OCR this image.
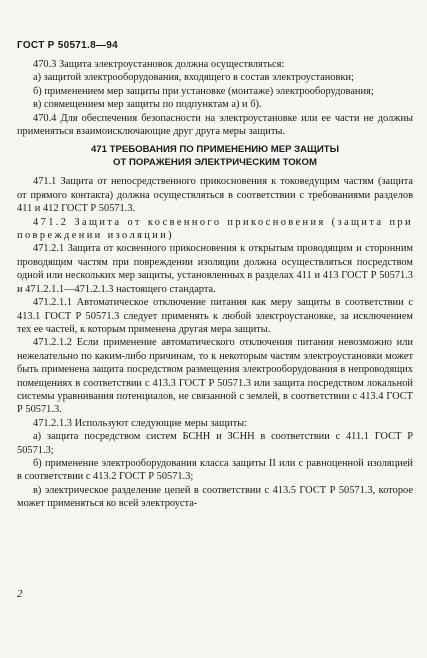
ГОСТ Р 50571.8—94

470.3 Защита электроустановок должна осуществляться:

а) защитой электрооборудования, входящего в состав электроустановки;

б) применением мер защиты при установке (монтаже) электрооборудования;

в) совмещением мер защиты по подпунктам а) и б).

470.4 Для обеспечения безопасности на электроустановке или ее части не должны применяться взаимоисключающие друг друга меры защиты.

471 ТРЕБОВАНИЯ ПО ПРИМЕНЕНИЮ МЕР ЗАЩИТЫ
ОТ ПОРАЖЕНИЯ ЭЛЕКТРИЧЕСКИМ ТОКОМ

471.1 Защита от непосредственного прикосновения к токоведущим частям (защита от прямого контакта) должна осуществляться в соответствии с требованиями разделов 411 и 412 ГОСТ Р 50571.3.

471.2 Защита от косвенного прикосновения (защита при повреждении изоляции)

471.2.1 Защита от косвенного прикосновения к открытым проводящим и сторонним проводящим частям при повреждении изоляции должна осуществляться посредством одной или нескольких мер защиты, установленных в разделах 411 и 413 ГОСТ Р 50571.3 и 471.2.1.1—471.2.1.3 настоящего стандарта.

471.2.1.1 Автоматическое отключение питания как меру защиты в соответствии с 413.1 ГОСТ Р 50571.3 следует применять к любой электроустановке, за исключением тех ее частей, к которым применена другая мера защиты.

471.2.1.2 Если применение автоматического отключения питания невозможно или нежелательно по каким-либо причинам, то к некоторым частям электроустановки может быть применена защита посредством размещения электрооборудования в непроводящих помещениях в соответствии с 413.3 ГОСТ Р 50571.3 или защита посредством локальной системы уравнивания потенциалов, не связанной с землей, в соответствии с 413.4 ГОСТ Р 50571.3.

471.2.1.3 Используют следующие меры защиты:

а) защита посредством систем БСНН и ЗСНН в соответствии с 411.1 ГОСТ Р 50571.3;

б) применение электрооборудования класса защиты II или с равноценной изоляцией в соответствии с 413.2 ГОСТ Р 50571.3;

в) электрическое разделение цепей в соответствии с 413.5 ГОСТ Р 50571.3, которое может применяться ко всей электроуста-

2
